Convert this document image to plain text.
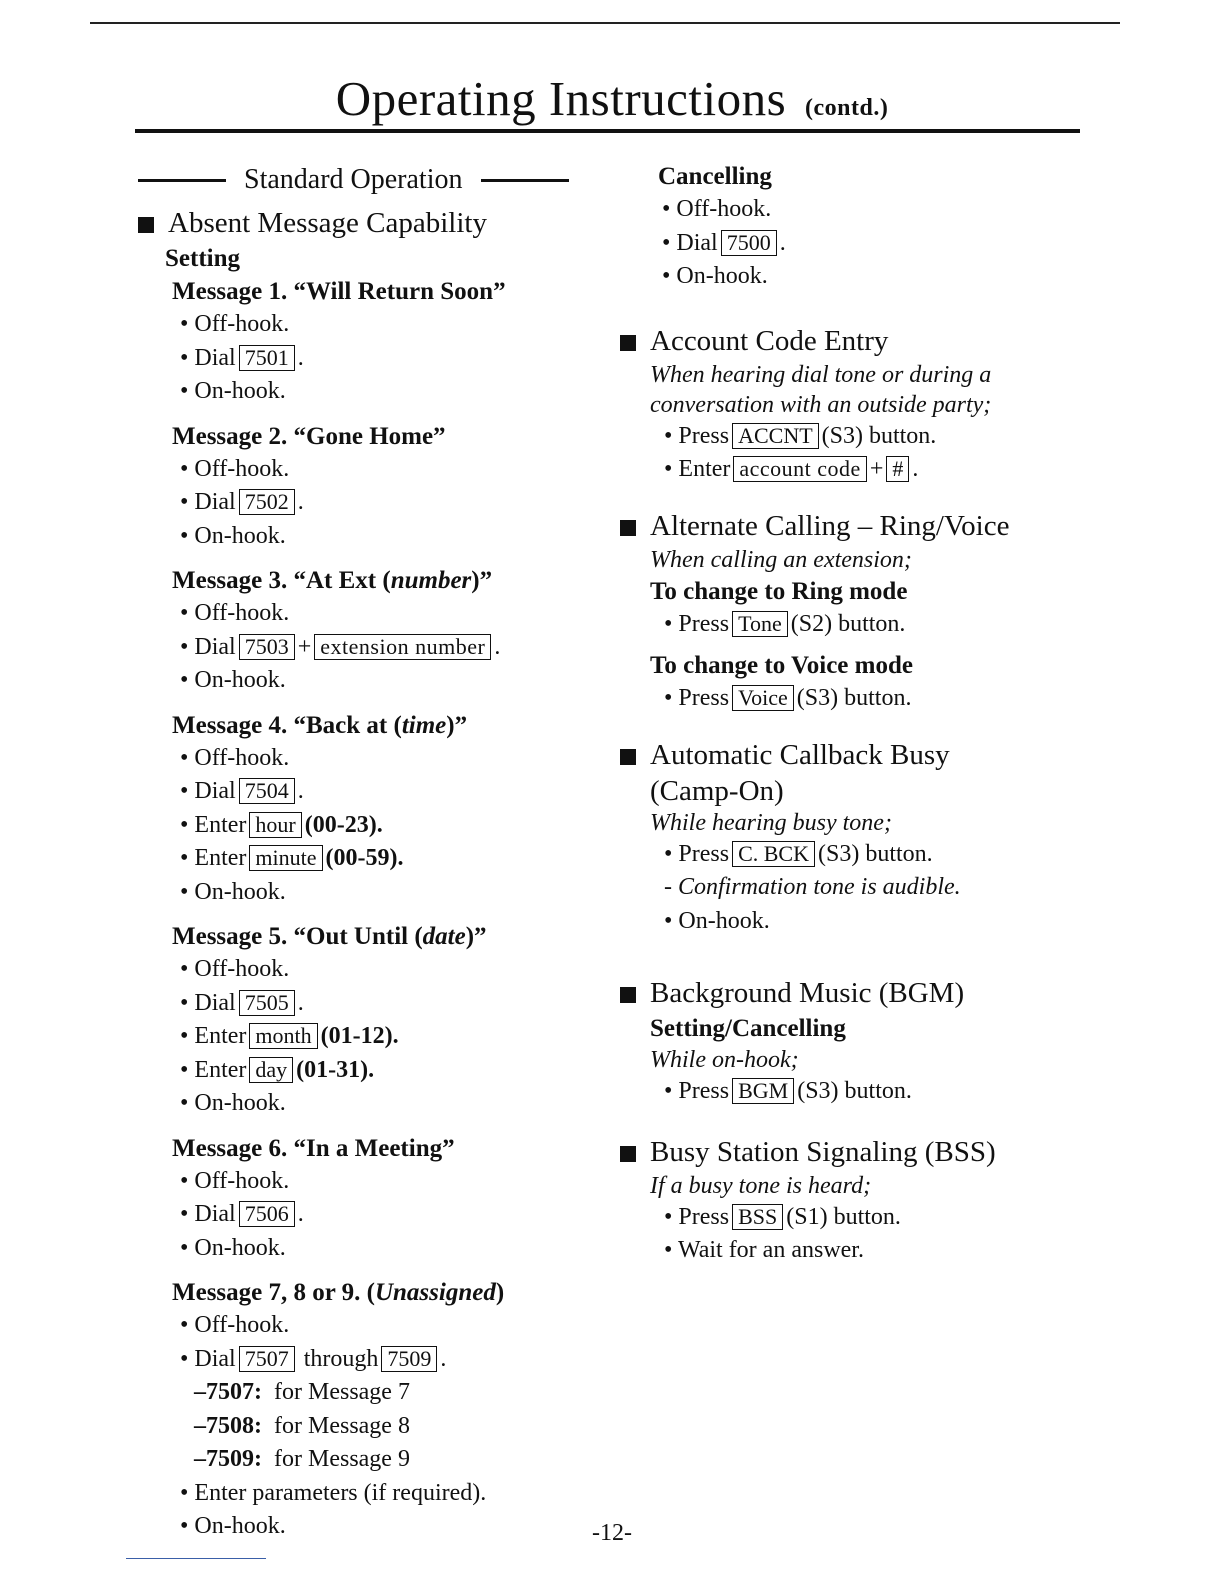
Operating Instructions (contd.)
Standard Operation
Absent Message Capability
Setting
Message 1. “Will Return Soon”
• Off-hook.
• Dial 7501 .
• On-hook.
Message 2. “Gone Home”
• Off-hook.
• Dial 7502 .
• On-hook.
Message 3. “At Ext (number)”
• Off-hook.
• Dial 7503 + extension number .
• On-hook.
Message 4. “Back at (time)”
• Off-hook.
• Dial 7504 .
• Enter hour (00-23).
• Enter minute (00-59).
• On-hook.
Message 5. “Out Until (date)”
• Off-hook.
• Dial 7505 .
• Enter month (01-12).
• Enter day (01-31).
• On-hook.
Message 6. “In a Meeting”
• Off-hook.
• Dial 7506 .
• On-hook.
Message 7, 8 or 9. (Unassigned)
• Off-hook.
• Dial 7507 through 7509 .
–7507: for Message 7
–7508: for Message 8
–7509: for Message 9
• Enter parameters (if required).
• On-hook.
Cancelling
• Off-hook.
• Dial 7500 .
• On-hook.
Account Code Entry
When hearing dial tone or during a
conversation with an outside party;
• Press ACCNT (S3) button.
• Enter account code + # .
Alternate Calling – Ring/Voice
When calling an extension;
To change to Ring mode
• Press Tone (S2) button.
To change to Voice mode
• Press Voice (S3) button.
Automatic Callback Busy
(Camp-On)
While hearing busy tone;
• Press C. BCK (S3) button.
- Confirmation tone is audible.
• On-hook.
Background Music (BGM)
Setting/Cancelling
While on-hook;
• Press BGM (S3) button.
Busy Station Signaling (BSS)
If a busy tone is heard;
• Press BSS (S1) button.
• Wait for an answer.
-12-
